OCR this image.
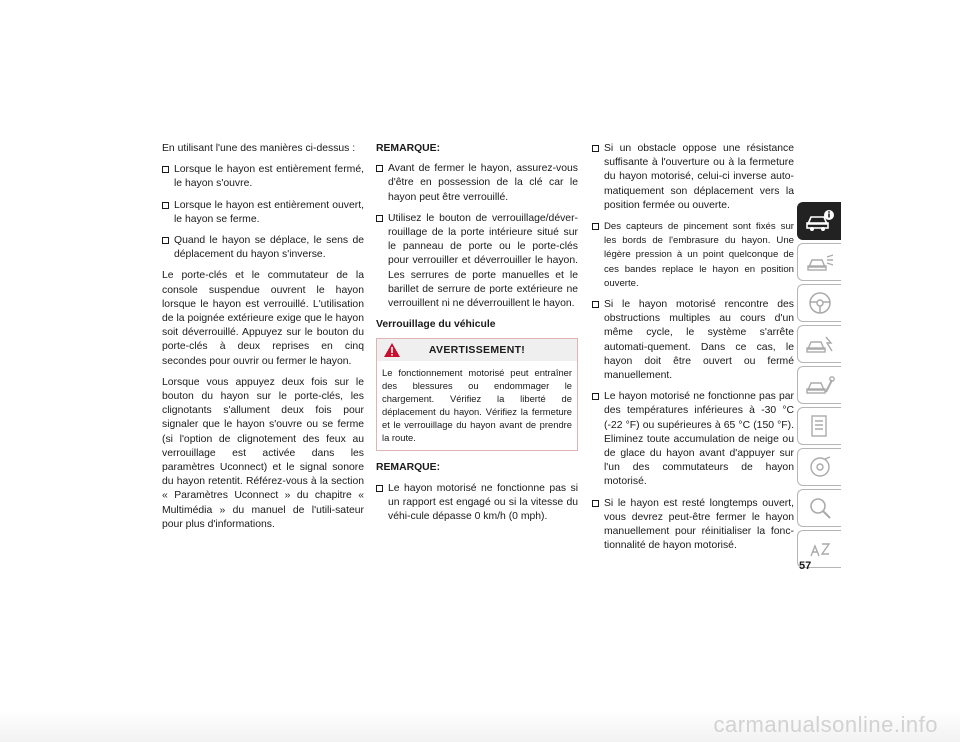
En utilisant l'une des manières ci-dessus :

Lorsque le hayon est entièrement fermé, le hayon s'ouvre.
Lorsque le hayon est entièrement ouvert, le hayon se ferme.
Quand le hayon se déplace, le sens de déplacement du hayon s'inverse.

Le porte-clés et le commutateur de la console suspendue ouvrent le hayon lorsque le hayon est verrouillé. L'utilisation de la poignée extérieure exige que le hayon soit déverrouillé. Appuyez sur le bouton du porte-clés à deux reprises en cinq secondes pour ouvrir ou fermer le hayon.

Lorsque vous appuyez deux fois sur le bouton du hayon sur le porte-clés, les clignotants s'allument deux fois pour signaler que le hayon s'ouvre ou se ferme (si l'option de clignotement des feux au verrouillage est activée dans les paramètres Uconnect) et le signal sonore du hayon retentit. Référez-vous à la section « Paramètres Uconnect » du chapitre « Multimédia » du manuel de l'utili-sateur pour plus d'informations.

REMARQUE:
Avant de fermer le hayon, assurez-vous d'être en possession de la clé car le hayon peut être verrouillé.
Utilisez le bouton de verrouillage/déver-rouillage de la porte intérieure situé sur le panneau de porte ou le porte-clés pour verrouiller et déverrouiller le hayon. Les serrures de porte manuelles et le barillet de serrure de porte extérieure ne verrouillent ni ne déverrouillent le hayon.
Verrouillage du véhicule
AVERTISSEMENT!
Le fonctionnement motorisé peut entraîner des blessures ou endommager le chargement. Vérifiez la liberté de déplacement du hayon. Vérifiez la fermeture et le verrouillage du hayon avant de prendre la route.
REMARQUE:
Le hayon motorisé ne fonctionne pas si un rapport est engagé ou si la vitesse du véhi-cule dépasse 0 km/h (0 mph).
Si un obstacle oppose une résistance suffisante à l'ouverture ou à la fermeture du hayon motorisé, celui-ci inverse auto-matiquement son déplacement vers la position fermée ou ouverte.
Des capteurs de pincement sont fixés sur les bords de l'embrasure du hayon. Une légère pression à un point quelconque de ces bandes replace le hayon en position ouverte.
Si le hayon motorisé rencontre des obstructions multiples au cours d'un même cycle, le système s'arrête automati-quement. Dans ce cas, le hayon doit être ouvert ou fermé manuellement.
Le hayon motorisé ne fonctionne pas par des températures inférieures à -30 °C (-22 °F) ou supérieures à 65 °C (150 °F). Eliminez toute accumulation de neige ou de glace du hayon avant d'appuyer sur l'un des commutateurs de hayon motorisé.
Si le hayon est resté longtemps ouvert, vous devrez peut-être fermer le hayon manuellement pour réinitialiser la fonc-tionnalité de hayon motorisé.
57
carmanualsonline.info
